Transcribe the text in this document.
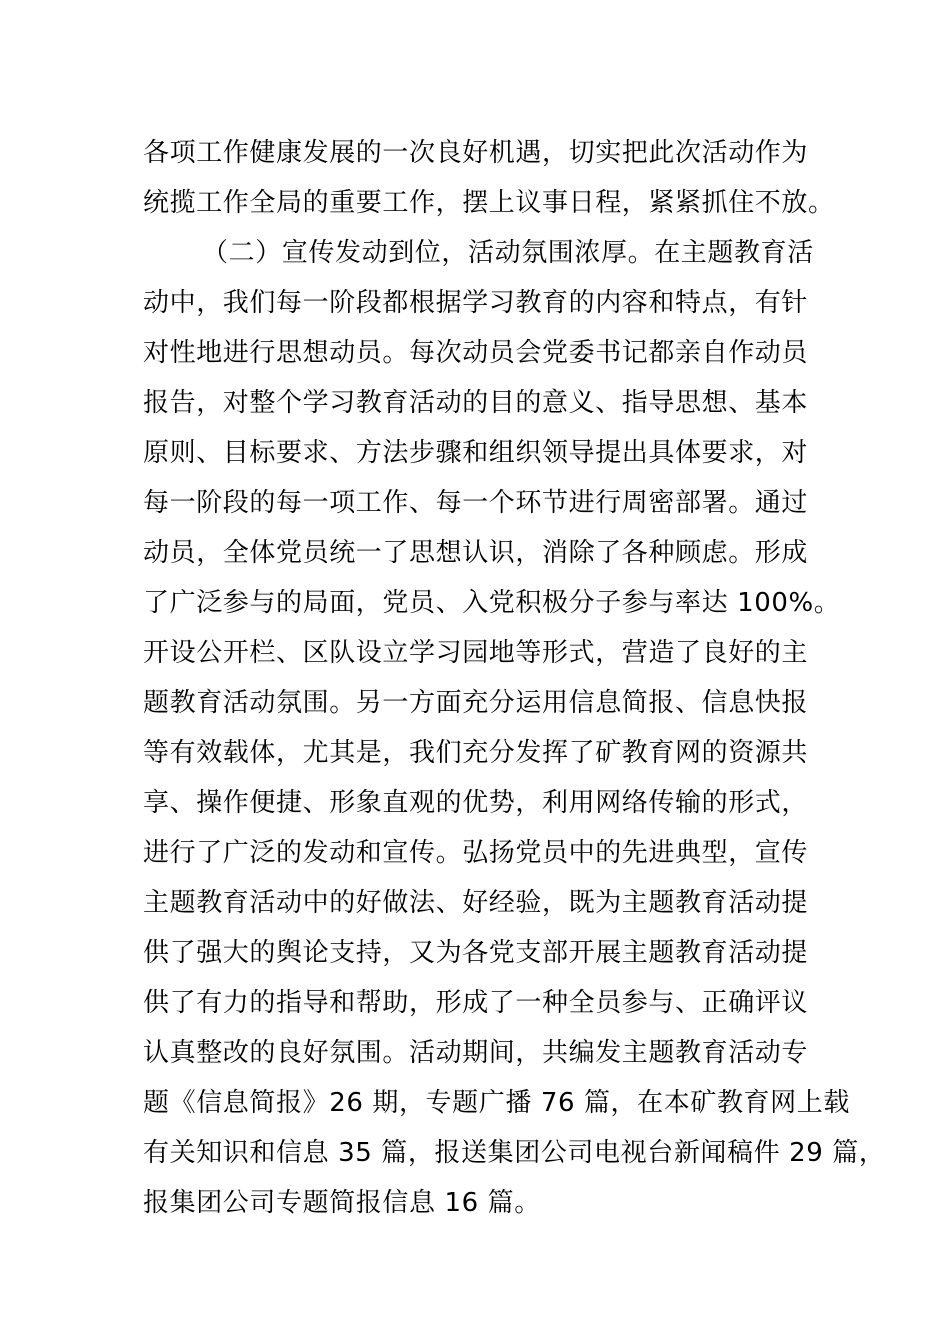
各项工作健康发展的一次良好机遇，切实把此次活动作为
统揽工作全局的重要工作，摆上议事日程，紧紧抓住不放。
（二）宣传发动到位，活动氛围浓厚。在主题教育活
动中，我们每一阶段都根据学习教育的内容和特点，有针
对性地进行思想动员。每次动员会党委书记都亲自作动员
报告，对整个学习教育活动的目的意义、指导思想、基本
原则、目标要求、方法步骤和组织领导提出具体要求，对
每一阶段的每一项工作、每一个环节进行周密部署。通过
动员，全体党员统一了思想认识，消除了各种顾虑。形成
了广泛参与的局面，党员、入党积极分子参与率达 100%。
开设公开栏、区队设立学习园地等形式，营造了良好的主
题教育活动氛围。另一方面充分运用信息简报、信息快报
等有效载体，尤其是，我们充分发挥了矿教育网的资源共
享、操作便捷、形象直观的优势，利用网络传输的形式，
进行了广泛的发动和宣传。弘扬党员中的先进典型，宣传
主题教育活动中的好做法、好经验，既为主题教育活动提
供了强大的舆论支持，又为各党支部开展主题教育活动提
供了有力的指导和帮助，形成了一种全员参与、正确评议
认真整改的良好氛围。活动期间，共编发主题教育活动专
题《信息简报》26 期，专题广播 76 篇，在本矿教育网上载
有关知识和信息 35 篇，报送集团公司电视台新闻稿件 29 篇，
报集团公司专题简报信息 16 篇。
